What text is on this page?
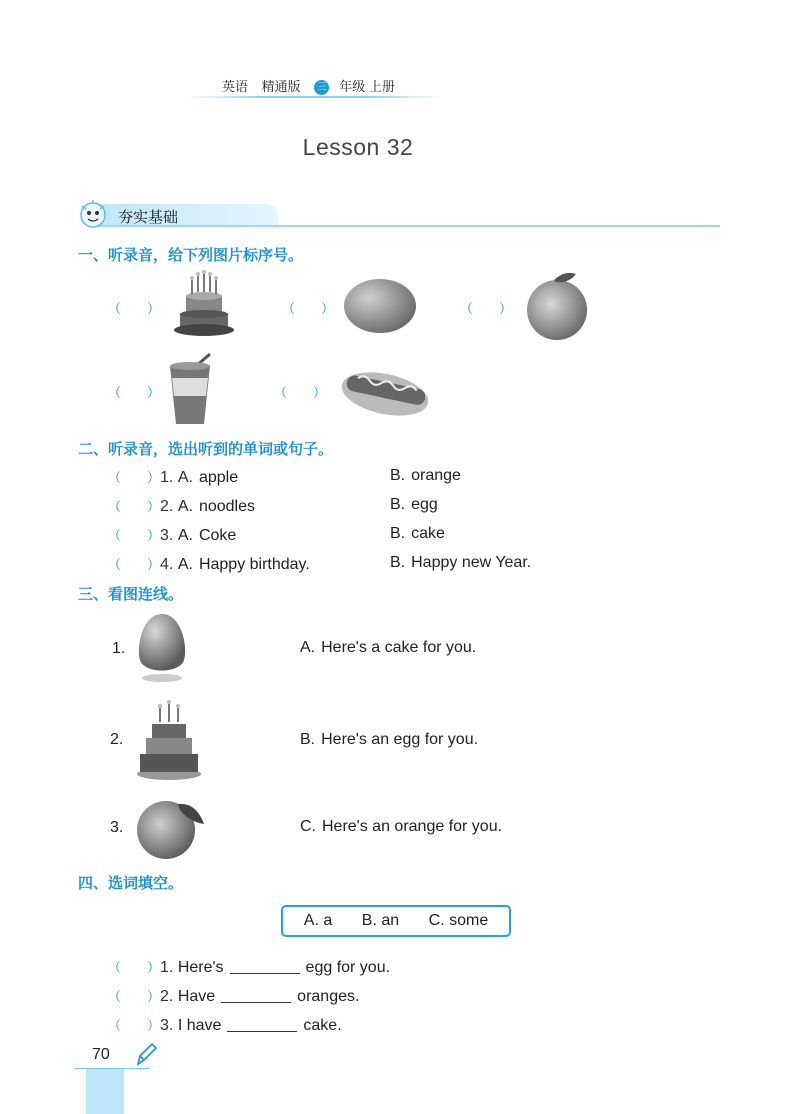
英语 精通版 三 年级 上册
Lesson 32
夯实基础
一、听录音，给下列图片标序号。
（　　）	（　　）	（　　）
（　　）	（　　）
二、听录音，选出听到的单词或句子。
（　　）1. A. apple	B. orange
（　　）2. A. noodles	B. egg
（　　）3. A. Coke	B. cake
（　　）4. A. Happy birthday.	B. Happy new Year.
三、看图连线。
1.	A. Here's a cake for you.
2.	B. Here's an egg for you.
3.	C. Here's an orange for you.
四、选词填空。
A. a B. an C. some
（　　）1. Here's	egg for you.
（　　）2. Have	oranges.
（　　）3. I have	cake.
70
